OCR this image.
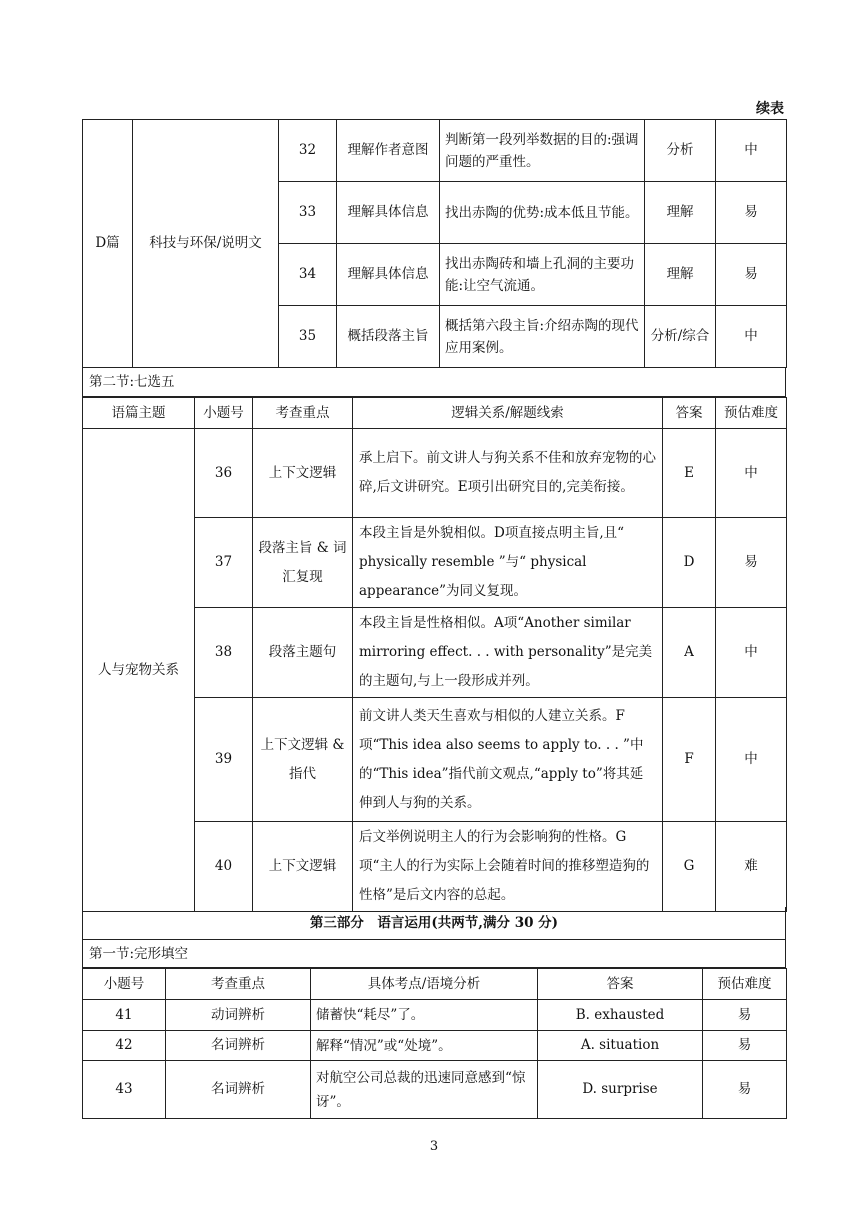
续表
D篇	科技与环保/说明文	32	理解作者意图	判断第一段列举数据的目的:强调问题的严重性。	分析	中
		33	理解具体信息	找出赤陶的优势:成本低且节能。	理解	易
		34	理解具体信息	找出赤陶砖和墙上孔洞的主要功能:让空气流通。	理解	易
		35	概括段落主旨	概括第六段主旨:介绍赤陶的现代应用案例。	分析/综合	中
第二节:七选五
语篇主题	小题号	考查重点	逻辑关系/解题线索	答案	预估难度
人与宠物关系	36	上下文逻辑	承上启下。前文讲人与狗关系不佳和放弃宠物的心碎,后文讲研究。E项引出研究目的,完美衔接。	E	中
	37	段落主旨 & 词汇复现	本段主旨是外貌相似。D项直接点明主旨,且“ physically resemble ”与“ physical appearance”为同义复现。	D	易
	38	段落主题句	本段主旨是性格相似。A项“Another similar mirroring effect. . . with personality”是完美的主题句,与上一段形成并列。	A	中
	39	上下文逻辑 & 指代	前文讲人类天生喜欢与相似的人建立关系。F项“This idea also seems to apply to. . . ”中的“This idea”指代前文观点,“apply to”将其延伸到人与狗的关系。	F	中
	40	上下文逻辑	后文举例说明主人的行为会影响狗的性格。G项“主人的行为实际上会随着时间的推移塑造狗的性格”是后文内容的总起。	G	难
第三部分　语言运用(共两节,满分 30 分)
第一节:完形填空
小题号	考查重点	具体考点/语境分析	答案	预估难度
41	动词辨析	储蓄快“耗尽”了。	B. exhausted	易
42	名词辨析	解释“情况”或“处境”。	A. situation	易
43	名词辨析	对航空公司总裁的迅速同意感到“惊讶”。	D. surprise	易
3
